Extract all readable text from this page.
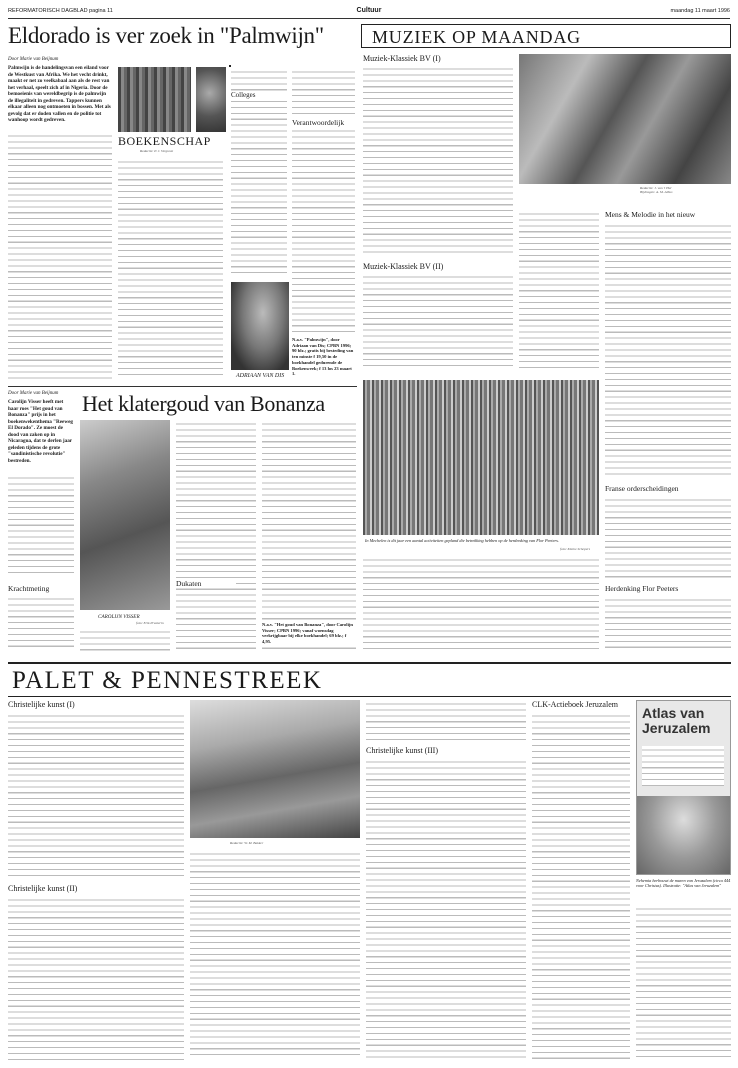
REFORMATORISCH DAGBLAD pagina 11	Cultuur	maandag 11 maart 1996
Eldorado is ver zoek in "Palmwijn"
Door Marie van Beijnum
Palmwijn is de handelingsvan een eiland voor de Westkust van Afrika. We het vecht drinkt, maakt er net zo veelkabaal aan als de rest van het verhaal, speelt zich af in Nigeria. Door de bemoeienis van wereldbegrip is de palmwijn de illegaliteit in gedreven. Tappers kunnen elkaar alleen nog ontmoeten in bossen. Met als gevolg dat er doden vallen en de politie tot wanhoop wordt gedreven.
BOEKENSCHAP
Redactie: P. J. Vergunst
Colleges
ADRIAAN VAN DIS
Verantwoordelijk
N.a.v. "Palmwijn", door Adriaan van Dis; CPBN 1996; 90 blz.; gratis bij besteding van ten minste f 19,50 in de boekhandel gedurende de Boekenweek; f 13 los 23 maart 1.
Door Marie van Beijnum
Carolijn Visser heeft met haar roes "Het goud van Bonanza" prijs in het boekenwekenthema "Reeweg El Dorado". Ze moest de dood van zaken op in Nicaragua, dat te derlen jaar geleden tijdens de grote "sandinistische revolutie" bestreden.
Krachtmeting
Het klatergoud van Bonanza
CAROLIJN VISSER
foto: Erik Prasterin
Dukaten
N.a.v. "Het goud van Bonanza", door Carolijn Visser; CPBN 1996; vanaf woensdag verkrijgbaar bij elke boekhandel; 69 blz.; f 4,95.
MUZIEK OP MAANDAG
Muziek-Klassiek BV (I)
Muziek-Klassiek BV (II)
Redactie: J. van 't Hul
Bijdragen: A. M. Albus
Mens & Melodie in het nieuw
Franse orderscheidingen
Herdenking Flor Peeters
In Mechelen is dit jaar een aantal activiteiten gepland die betrekking hebben op de herdenking van Flor Peeters.
foto: Kleine Schepers
PALET & PENNESTREEK
Christelijke kunst (I)
Christelijke kunst (II)
Redactie: W. M. Bakker
Christelijke kunst (III)
CLK-Actieboek Jeruzalem
Atlas van Jeruzalem
Nehemia herbouwt de muren van Jeruzalem (circa 444 voor Christus). Illustratie: "Atlas van Jeruzalem"
